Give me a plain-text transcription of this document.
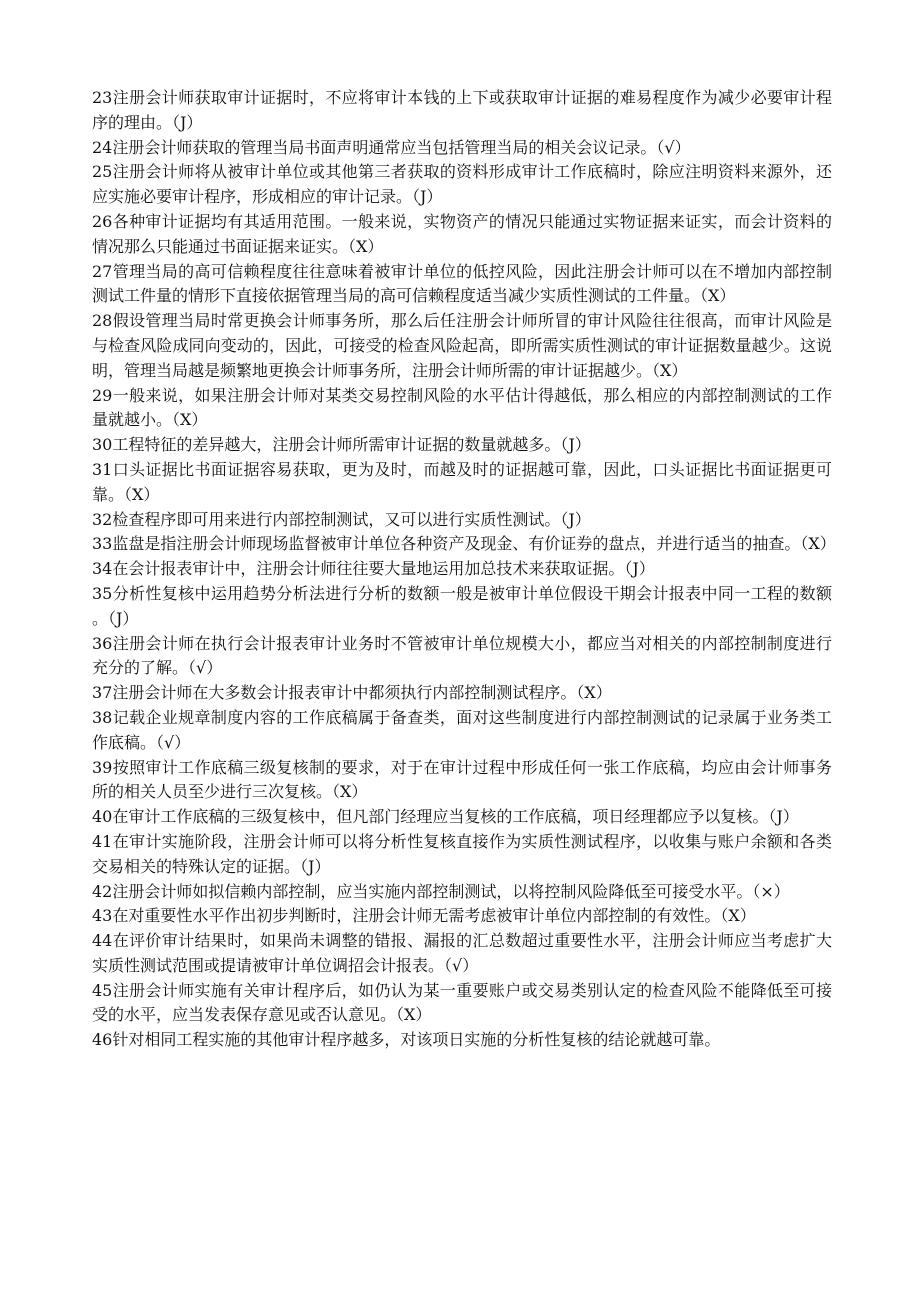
23注册会计师获取审计证据时，不应将审计本钱的上下或获取审计证据的难易程度作为减少必要审计程序的理由。（J）

24注册会计师获取的管理当局书面声明通常应当包括管理当局的相关会议记录。（√）

25注册会计师将从被审计单位或其他第三者获取的资料形成审计工作底稿时，除应注明资料来源外，还应实施必要审计程序，形成相应的审计记录。（J）

26各种审计证据均有其适用范围。一般来说，实物资产的情况只能通过实物证据来证实，而会计资料的情况那么只能通过书面证据来证实。（X）

27管理当局的高可信赖程度往往意味着被审计单位的低控风险，因此注册会计师可以在不增加内部控制测试工件量的情形下直接依据管理当局的高可信赖程度适当减少实质性测试的工件量。（X）

28假设管理当局时常更换会计师事务所，那么后任注册会计师所冒的审计风险往往很高，而审计风险是与检查风险成同向变动的，因此，可接受的检查风险起高，即所需实质性测试的审计证据数量越少。这说明，管理当局越是频繁地更换会计师事务所，注册会计师所需的审计证据越少。（X）

29一般来说，如果注册会计师对某类交易控制风险的水平估计得越低，那么相应的内部控制测试的工作量就越小。（X）

30工程特征的差异越大，注册会计师所需审计证据的数量就越多。（J）

31口头证据比书面证据容易获取，更为及时，而越及时的证据越可靠，因此，口头证据比书面证据更可靠。（X）

32检查程序即可用来进行内部控制测试，又可以进行实质性测试。（J）

33监盘是指注册会计师现场监督被审计单位各种资产及现金、有价证券的盘点，并进行适当的抽查。（X）

34在会计报表审计中，注册会计师往往要大量地运用加总技术来获取证据。（J）

35分析性复核中运用趋势分析法进行分析的数额一般是被审计单位假设干期会计报表中同一工程的数额。（J）

36注册会计师在执行会计报表审计业务时不管被审计单位规模大小，都应当对相关的内部控制制度进行充分的了解。（√）

37注册会计师在大多数会计报表审计中都须执行内部控制测试程序。（X）

38记载企业规章制度内容的工作底稿属于备查类，面对这些制度进行内部控制测试的记录属于业务类工作底稿。（√）

39按照审计工作底稿三级复核制的要求，对于在审计过程中形成任何一张工作底稿，均应由会计师事务所的相关人员至少进行三次复核。（X）

40在审计工作底稿的三级复核中，但凡部门经理应当复核的工作底稿，项日经理都应予以复核。（J）

41在审计实施阶段，注册会计师可以将分析性复核直接作为实质性测试程序，以收集与账户余额和各类交易相关的特殊认定的证据。（J）

42注册会计师如拟信赖内部控制，应当实施内部控制测试，以将控制风险降低至可接受水平。（×）

43在对重要性水平作出初步判断时，注册会计师无需考虑被审计单位内部控制的有效性。（X）

44在评价审计结果时，如果尚未调整的错报、漏报的汇总数超过重要性水平，注册会计师应当考虑扩大实质性测试范围或提请被审计单位调招会计报表。（√）

45注册会计师实施有关审计程序后，如仍认为某一重要账户或交易类别认定的检查风险不能降低至可接受的水平，应当发表保存意见或否认意见。（X）

46针对相同工程实施的其他审计程序越多，对该项日实施的分析性复核的结论就越可靠。
